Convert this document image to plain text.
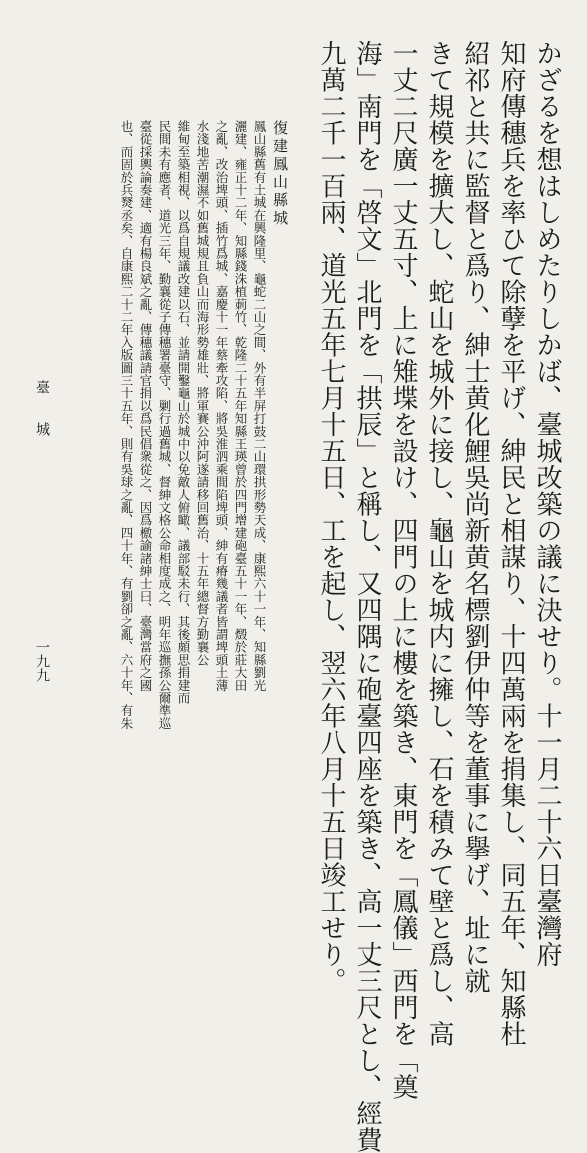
かざるを想はしめたりしかば、臺城改築の議に決せり。十一月二十六日臺灣府
知府傳穗兵を率ひて除孽を平げ、紳民と相謀り、十四萬兩を捐集し、同五年、知縣杜
紹祁と共に監督と爲り、紳士黄化鯉吳尚新黄名標劉伊仲等を董事に擧げ、址に就
きて規模を擴大し、蛇山を城外に接し、龜山を城内に擁し、石を積みて壁と爲し、高
一丈二尺廣一丈五寸、上に雉堞を設け、四門の上に樓を築き、東門を「鳳儀」西門を「奠
海」南門を「啓文」北門を「拱辰」と稱し、又四隅に砲臺四座を築き、高一丈三尺とし、經費
九萬二千一百兩、道光五年七月十五日、工を起し、翌六年八月十五日竣工せり。
復建鳳山縣城
鳳山縣舊有土城在興隆里、龜蛇二山之間、外有半屏打鼓二山環拱形勢天成、康熙六十一年、知縣劉光
灑建、雍正十二年、知縣錢洙植莿竹、乾隆二十五年知縣王瑛曾於四門增建砲臺五十一年、燬於莊大田
之亂、改治埤頭、插竹爲城、嘉慶十一年蔡牽攻陷、將吳淮泗乘間陷埤頭、紳有瘠幾議者皆謂埤頭土薄
水淺地苦潮濕不如舊城規且負山而海形勢雄壯、將軍賽公沖阿遂請移回舊治、十五年總督方勤襄公
維甸至築相視、以爲自規議改建以石、並請開鑿龜山於城中以免敵人俯瞰、議部駁未行、其後頗思捐建而
民間未有應者、道光三年、勤襄從子傳穗署臺守、剿行過舊城、督紳文格公命相度成之、明年巡撫孫公爾準巡
臺從採輿論奏建、適有楊良斌之亂、傳穗議請官捐以爲民倡衆從之、因爲檄諭諸紳士曰、臺灣當府之國
也、而固於兵燹丞矣、自康熙二十二年入版圖三十五年、則有吳球之亂、四十年、有劉卻之亂、六十年、有朱
臺　　城
一九九
